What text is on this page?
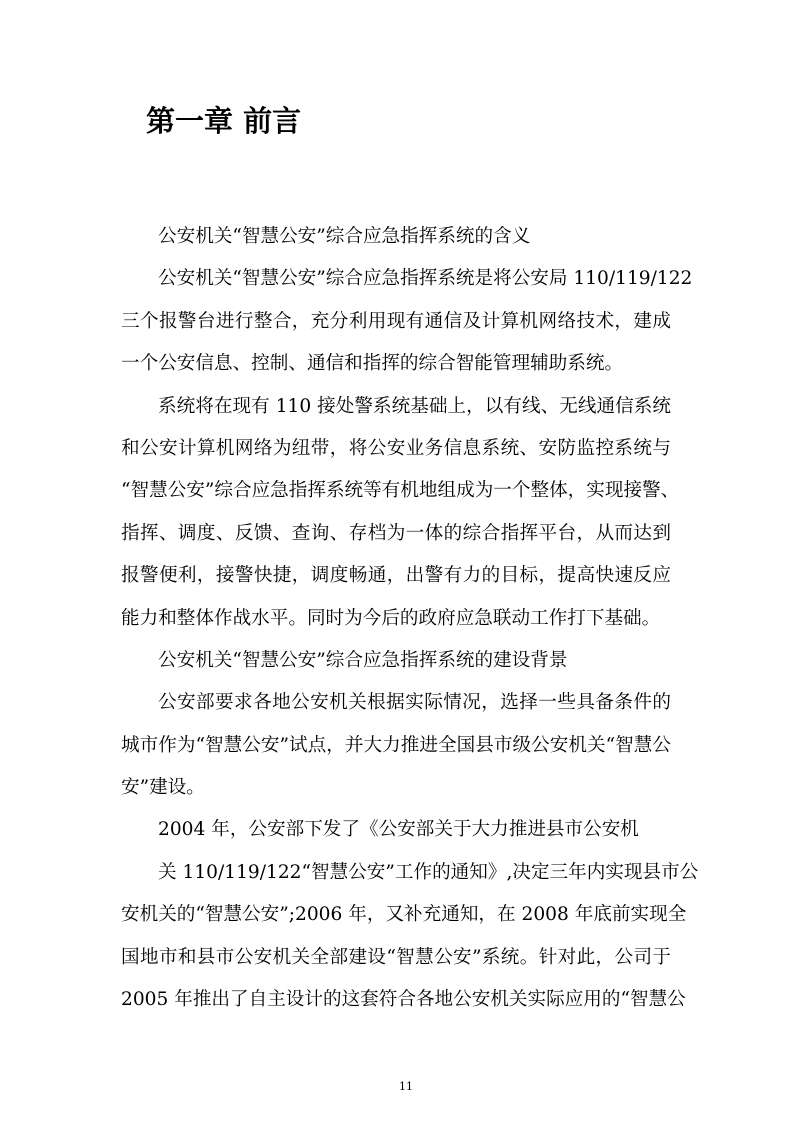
第一章 前言

公安机关“智慧公安”综合应急指挥系统的含义

公安机关“智慧公安”综合应急指挥系统是将公安局 110/119/122
三个报警台进行整合，充分利用现有通信及计算机网络技术，建成
一个公安信息、控制、通信和指挥的综合智能管理辅助系统。

系统将在现有 110 接处警系统基础上，以有线、无线通信系统
和公安计算机网络为纽带，将公安业务信息系统、安防监控系统与
“智慧公安”综合应急指挥系统等有机地组成为一个整体，实现接警、
指挥、调度、反馈、查询、存档为一体的综合指挥平台，从而达到
报警便利，接警快捷，调度畅通，出警有力的目标，提高快速反应
能力和整体作战水平。同时为今后的政府应急联动工作打下基础。

公安机关“智慧公安”综合应急指挥系统的建设背景

公安部要求各地公安机关根据实际情况，选择一些具备条件的
城市作为“智慧公安”试点，并大力推进全国县市级公安机关“智慧公
安”建设。

2004 年，公安部下发了《公安部关于大力推进县市公安机

关 110/119/122“智慧公安”工作的通知》,决定三年内实现县市公
安机关的“智慧公安”;2006 年，又补充通知，在 2008 年底前实现全
国地市和县市公安机关全部建设“智慧公安”系统。针对此，公司于
2005 年推出了自主设计的这套符合各地公安机关实际应用的“智慧公

11
